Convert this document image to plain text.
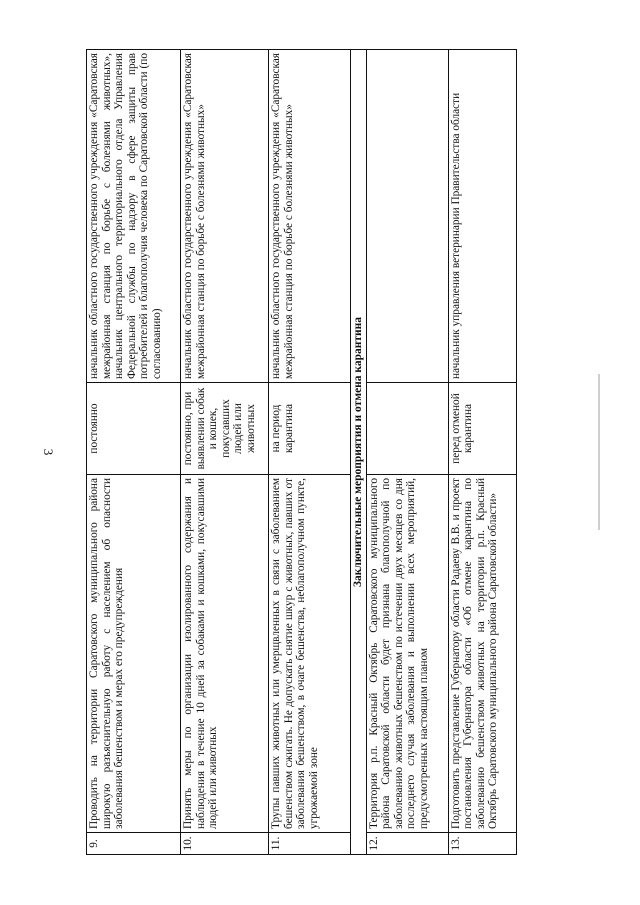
3
9.	Проводить на территории Саратовского муниципального района широкую разъяснительную работу с населением об опасности заболевания бешенством и мерах его предупреждения	постоянно	начальник областного государственного учреждения «Саратовская межрайонная станция по борьбе с болезнями животных», начальник центрального территориального отдела Управления Федеральной службы по надзору в сфере защиты прав потребителей и благополучия человека по Саратовской области (по согласованию)
10.	Принять меры по организации изолированного содержания и наблюдения в течение 10 дней за собаками и кошками, покусавшими людей или животных	постоянно, при выявлении собак и кошек, покусавших людей или животных	начальник областного государственного учреждения «Саратовская межрайонная станция по борьбе с болезнями животных»
11.	Трупы павших животных или умерщвленных в связи с заболеванием бешенством сжигать. Не допускать снятие шкур с животных, павших от заболевания бешенством, в очаге бешенства, неблагополучном пункте, угрожаемой зоне	на период карантина	начальник областного государственного учреждения «Саратовская межрайонная станция по борьбе с болезнями животных»
Заключительные мероприятия и отмена карантина			
12.	Территория р.п. Красный Октябрь Саратовского муниципального района Саратовской области будет признана благополучной по заболеванию животных бешенством по истечении двух месяцев со дня последнего случая заболевания и выполнении всех мероприятий, предусмотренных настоящим планом		
13.	Подготовить представление Губернатору области Радаеву В.В. и проект постановления Губернатора области «Об отмене карантина по заболеванию бешенством животных на территории р.п. Красный Октябрь Саратовского муниципального района Саратовской области»	перед отменой карантина	начальник управления ветеринарии Правительства области
